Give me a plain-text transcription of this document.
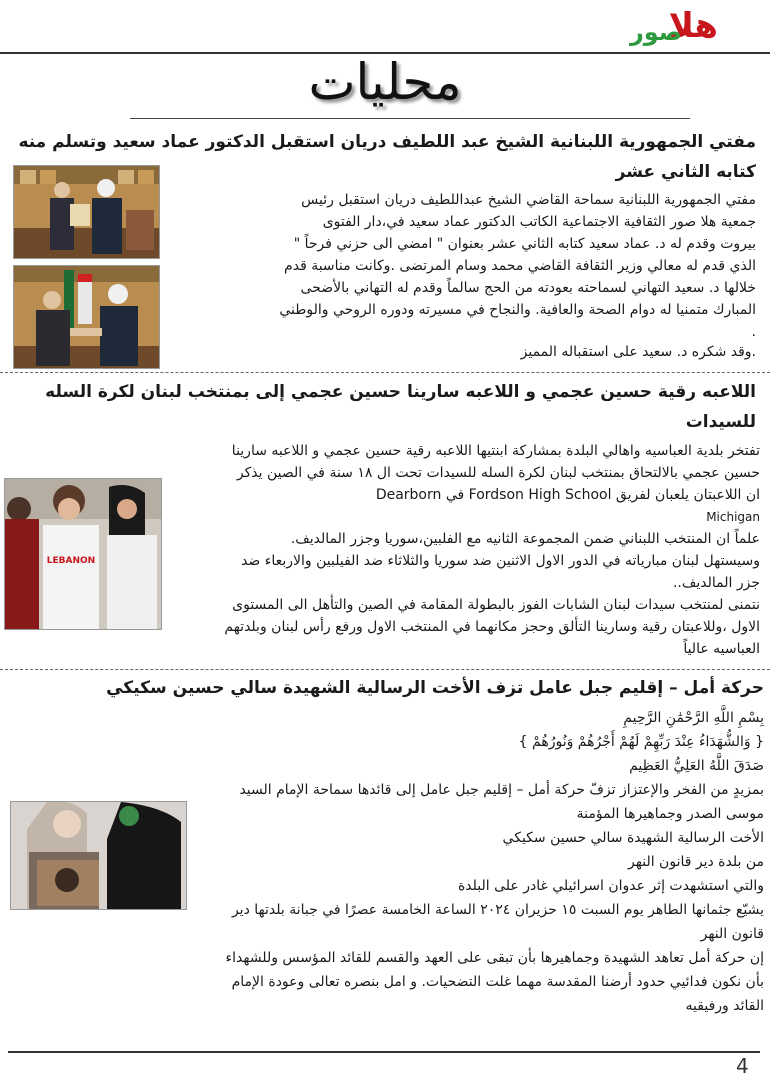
هلا
صور
محليات
مفتي الجمهورية اللبنانية الشيخ عبد اللطيف دريان استقبل الدكتور عماد سعيد وتسلم منه
كتابه الثاني عشر
مفتي الجمهورية اللبنانية سماحة القاضي الشيخ عبداللطيف دريان استقبل رئيس
جمعية هلا صور الثقافية الاجتماعية الكاتب الدكتور عماد سعيد في،دار الفتوى
بيروت وقدم له د. عماد سعيد كتابه الثاني عشر بعنوان " امضي الى حزني فرحاً "
الذي قدم له معالي وزير الثقافة القاضي محمد وسام المرتضى .وكانت مناسبة قدم
خلالها د. سعيد التهاني لسماحته بعودته من الحج سالماً وقدم له التهاني بالأضحى
المبارك متمنيا له دوام الصحة والعافية. والنجاح في مسيرته ودوره الروحي والوطني
.
.وقد شكره د. سعيد على استقباله المميز
اللاعبه رقية حسين عجمي و اللاعبه سارينا حسين عجمي إلى بمنتخب لبنان لكرة السله
للسيدات
LEBANON
تفتخر بلدية العباسيه واهالي البلدة بمشاركة ابنتيها اللاعبه رقية حسين عجمي و اللاعبه سارينا
حسين عجمي بالالتحاق بمنتخب لبنان لكرة السله للسيدات تحت ال ١٨ سنة في الصين يذكر
ان اللاعبتان يلعبان لفريق Fordson High School في Dearborn
Michigan
علماً ان المنتخب اللبناني ضمن المجموعة الثانيه مع الفلبين،سوريا وجزر المالديف.
وسيستهل لبنان مبارياته في الدور الاول الاثنين ضد سوريا والثلاثاء ضد الفيلبين والاربعاء ضد
جزر المالديف..
نتمنى لمنتخب سيدات لبنان الشابات الفوز بالبطولة المقامة في الصين والتأهل الى المستوى
الاول ،وللاعبتان رقية وسارينا التألق وحجز مكانهما في المنتخب الاول ورفع رأس لبنان وبلدتهم
العباسيه عالياً
حركة أمل – إقليم جبل عامل تزف الأخت الرسالية الشهيدة سالي حسين سكيكي
بِسْمِ اللَّهِ الرَّحْمَٰنِ الرَّحِيمِ
{ وَالشُّهَدَاءُ عِنْدَ رَبِّهِمْ لَهُمْ أَجْرُهُمْ وَنُورُهُمْ }
صَدَقَ اللَّهُ العَلِيُّ العَظِيم
بمزيدٍ من الفخر والإعتزاز تزفّ حركة أمل – إقليم جبل عامل إلى قائدها سماحة الإمام السيد
موسى الصدر وجماهيرها المؤمنة
الأخت الرسالية الشهيدة سالي حسين سكيكي
من بلدة دير قانون النهر
والتي استشهدت إثر عدوان اسرائيلي غادر على البلدة
يشيّع جثمانها الطاهر يوم السبت ١٥ حزيران ٢٠٢٤ الساعة الخامسة عصرًا في جبانة بلدتها دير
قانون النهر
إن حركة أمل تعاهد الشهيدة وجماهيرها بأن تبقى على العهد والقسم للقائد المؤسس وللشهداء
بأن نكون فدائيي حدود أرضنا المقدسة مهما غلت التضحيات. و امل بنصره تعالى وعودة الإمام
القائد ورفيقيه
4
